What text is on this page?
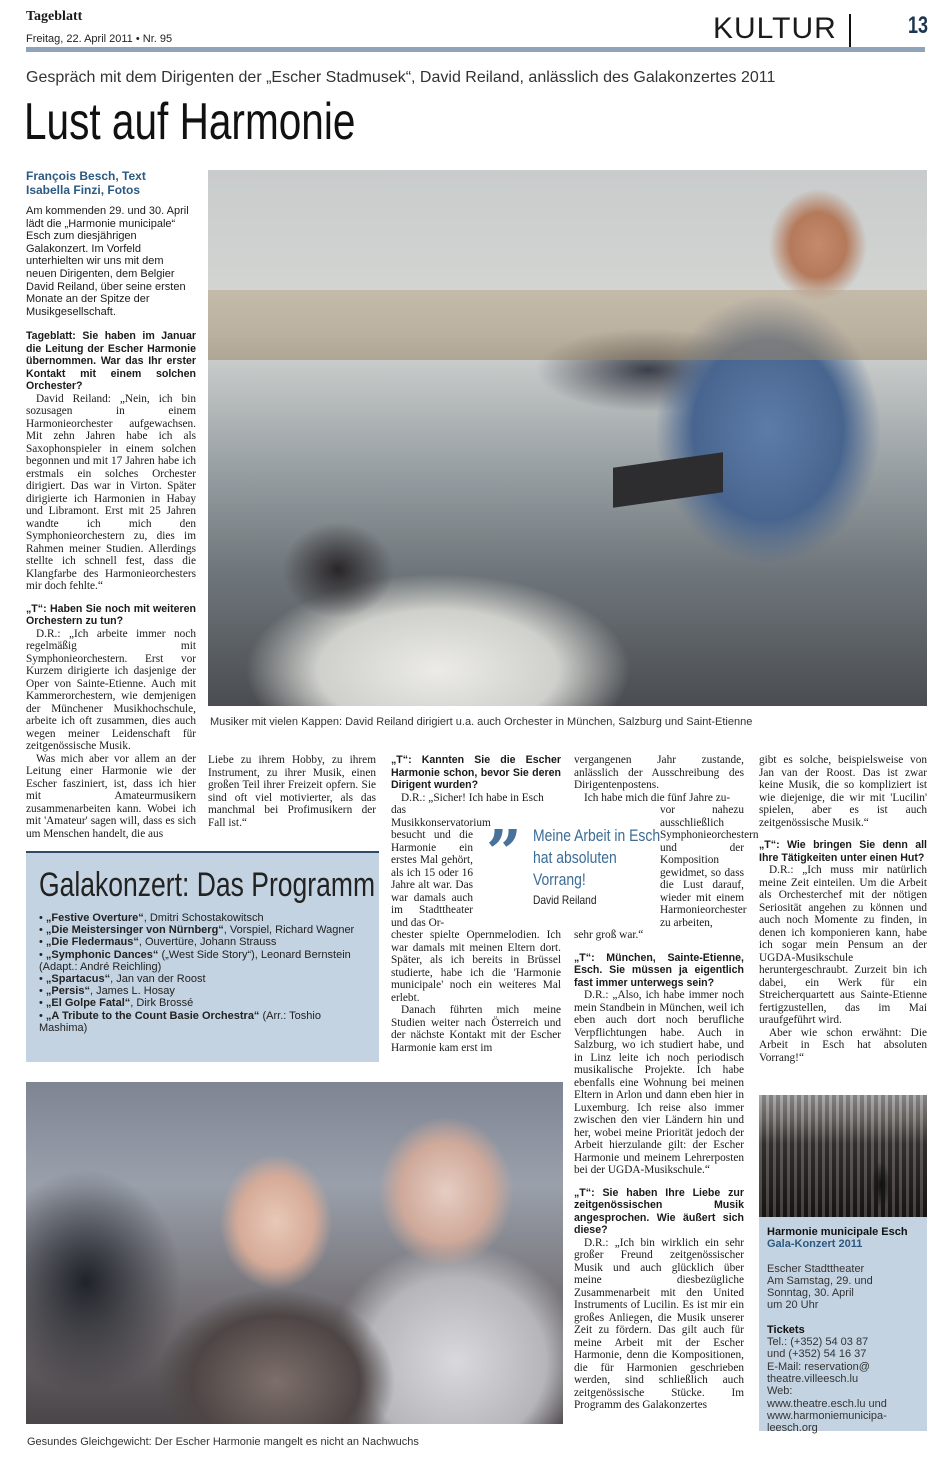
Tageblatt
Freitag, 22. April 2011 • Nr. 95	KULTUR	13
Gespräch mit dem Dirigenten der „Escher Stadmusek“, David Reiland, anlässlich des Galakonzertes 2011
Lust auf Harmonie
François Besch, Text
Isabella Finzi, Fotos

Am kommenden 29. und 30. April lädt die „Harmonie municipale“ Esch zum diesjährigen Galakonzert. Im Vorfeld unterhielten wir uns mit dem neuen Dirigenten, dem Belgier David Reiland, über seine ersten Monate an der Spitze der Musikgesellschaft.

Tageblatt: Sie haben im Januar die Leitung der Escher Harmonie übernommen. War das Ihr erster Kontakt mit einem solchen Orchester?

David Reiland: „Nein, ich bin sozusagen in einem Harmonieorchester aufgewachsen. Mit zehn Jahren habe ich als Saxophonspieler in einem solchen begonnen und mit 17 Jahren habe ich erstmals ein solches Orchester dirigiert. Das war in Virton. Später dirigierte ich Harmonien in Habay und Libramont. Erst mit 25 Jahren wandte ich mich den Symphonieorchestern zu, dies im Rahmen meiner Studien. Allerdings stellte ich schnell fest, dass die Klangfarbe des Harmonieorchesters mir doch fehlte.“

„T“: Haben Sie noch mit weiteren Orchestern zu tun?

D.R.: „Ich arbeite immer noch regelmäßig mit Symphonieorchestern. Erst vor Kurzem dirigierte ich dasjenige der Oper von Sainte-Etienne. Auch mit Kammerorchestern, wie demjenigen der Münchener Musikhochschule, arbeite ich oft zusammen, dies auch wegen meiner Leidenschaft für zeitgenössische Musik.

Was mich aber vor allem an der Leitung einer Harmonie wie der Escher fasziniert, ist, dass ich hier mit Amateurmusikern zusammenarbeiten kann. Wobei ich mit 'Amateur' sagen will, dass es sich um Menschen handelt, die aus

Musiker mit vielen Kappen: David Reiland dirigiert u.a. auch Orchester in München, Salzburg und Saint-Etienne

Liebe zu ihrem Hobby, zu ihrem Instrument, zu ihrer Musik, einen großen Teil ihrer Freizeit opfern. Sie sind oft viel motivierter, als das manchmal bei Profimusikern der Fall ist.“

Galakonzert: Das Programm
• „Festive Overture“, Dmitri Schostakowitsch
• „Die Meistersinger von Nürnberg“, Vorspiel, Richard Wagner
• „Die Fledermaus“, Ouvertüre, Johann Strauss
• „Symphonic Dances“ („West Side Story“), Leonard Bernstein (Adapt.: André Reichling)
• „Spartacus“, Jan van der Roost
• „Persis“, James L. Hosay
• „El Golpe Fatal“, Dirk Brossé
• „A Tribute to the Count Basie Orchestra“ (Arr.: Toshio Mashima)

„T“: Kannten Sie die Escher Harmonie schon, bevor Sie deren Dirigent wurden?

D.R.: „Sicher! Ich habe in Esch

das Musikkonservatorium besucht und die Harmonie ein erstes Mal gehört, als ich 15 oder 16 Jahre alt war. Das war damals auch im Stadttheater und das Or-

chester spielte Opernmelodien. Ich war damals mit meinen Eltern dort. Später, als ich bereits in Brüssel studierte, habe ich die 'Harmonie municipale' noch ein weiteres Mal erlebt.

Danach führten mich meine Studien weiter nach Österreich und der nächste Kontakt mit der Escher Harmonie kam erst im

” Meine Arbeit in Esch hat absoluten Vorrang!
David Reiland

vergangenen Jahr zustande, anlässlich der Ausschreibung des Dirigentenpostens.

Ich habe mich die fünf Jahre zu-

vor nahezu ausschließlich Symphonieorchestern und der Komposition gewidmet, so dass die Lust darauf, wieder mit einem Harmonieorchester zu arbeiten,

sehr groß war.“

„T“: München, Sainte-Etienne, Esch. Sie müssen ja eigentlich fast immer unterwegs sein?

D.R.: „Also, ich habe immer noch mein Standbein in München, weil ich eben auch dort noch berufliche Verpflichtungen habe. Auch in Salzburg, wo ich studiert habe, und in Linz leite ich noch periodisch musikalische Projekte. Ich habe ebenfalls eine Wohnung bei meinen Eltern in Arlon und dann eben hier in Luxemburg. Ich reise also immer zwischen den vier Ländern hin und her, wobei meine Priorität jedoch der Arbeit hierzulande gilt: der Escher Harmonie und meinem Lehrerposten bei der UGDA-Musikschule.“

„T“: Sie haben Ihre Liebe zur zeitgenössischen Musik angesprochen. Wie äußert sich diese?

D.R.: „Ich bin wirklich ein sehr großer Freund zeitgenössischer Musik und auch glücklich über meine diesbezügliche Zusammenarbeit mit den United Instruments of Lucilin. Es ist mir ein großes Anliegen, die Musik unserer Zeit zu fördern. Das gilt auch für meine Arbeit mit der Escher Harmonie, denn die Kompositionen, die für Harmonien geschrieben werden, sind schließlich auch zeitgenössische Stücke. Im Programm des Galakonzertes

gibt es solche, beispielsweise von Jan van der Roost. Das ist zwar keine Musik, die so kompliziert ist wie diejenige, die wir mit 'Lucilin' spielen, aber es ist auch zeitgenössische Musik.“

„T“: Wie bringen Sie denn all Ihre Tätigkeiten unter einen Hut?

D.R.: „Ich muss mir natürlich meine Zeit einteilen. Um die Arbeit als Orchesterchef mit der nötigen Seriosität angehen zu können und auch noch Momente zu finden, in denen ich komponieren kann, habe ich sogar mein Pensum an der UGDA-Musikschule heruntergeschraubt. Zurzeit bin ich dabei, ein Werk für ein Streicherquartett aus Sainte-Etienne fertigzustellen, das im Mai uraufgeführt wird.

Aber wie schon erwähnt: Die Arbeit in Esch hat absoluten Vorrang!“

Gesundes Gleichgewicht: Der Escher Harmonie mangelt es nicht an Nachwuchs
Harmonie municipale Esch
Gala-Konzert 2011
Escher Stadttheater
Am Samstag, 29. und
Sonntag, 30. April
um 20 Uhr
Tickets
Tel.: (+352) 54 03 87
und (+352) 54 16 37
E-Mail: reservation@
theatre.villeesch.lu
Web:
www.theatre.esch.lu und
www.harmoniemunicipa-
leesch.org
